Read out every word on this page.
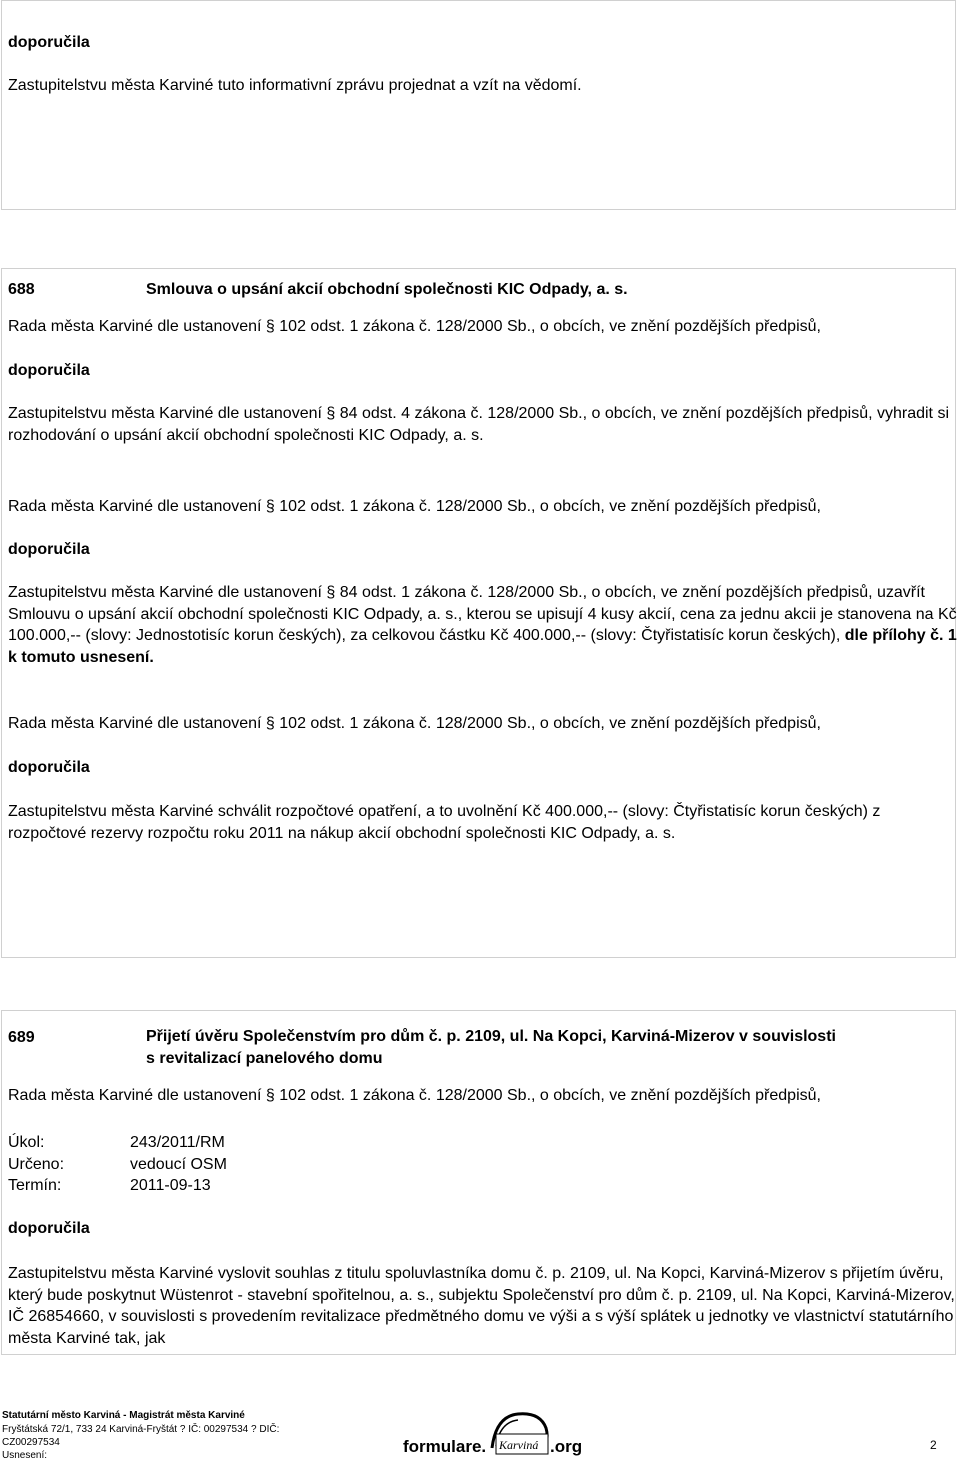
doporučila
Zastupitelstvu města Karviné tuto informativní zprávu projednat a vzít na vědomí.
688	Smlouva o upsání akcií obchodní společnosti KIC Odpady, a. s.
Rada města Karviné dle ustanovení § 102 odst. 1 zákona č. 128/2000 Sb., o obcích, ve znění pozdějších předpisů,
doporučila
Zastupitelstvu města Karviné dle ustanovení § 84 odst. 4 zákona č. 128/2000 Sb., o obcích, ve znění pozdějších předpisů, vyhradit si rozhodování o upsání akcií obchodní společnosti KIC Odpady, a. s.
Rada města Karviné dle ustanovení § 102 odst. 1 zákona č. 128/2000 Sb., o obcích, ve znění pozdějších předpisů,
doporučila
Zastupitelstvu města Karviné dle ustanovení § 84 odst. 1 zákona č. 128/2000 Sb., o obcích, ve znění pozdějších předpisů, uzavřít Smlouvu o upsání akcií obchodní společnosti KIC Odpady, a. s., kterou se upisují 4 kusy akcií, cena za jednu akcii je stanovena na Kč 100.000,-- (slovy: Jednostotisíc korun českých), za celkovou částku Kč 400.000,-- (slovy: Čtyřistatisíc korun českých), dle přílohy č. 1 k tomuto usnesení.
Rada města Karviné dle ustanovení § 102 odst. 1 zákona č. 128/2000 Sb., o obcích, ve znění pozdějších předpisů,
doporučila
Zastupitelstvu města Karviné schválit rozpočtové opatření, a to uvolnění Kč 400.000,-- (slovy: Čtyřistatisíc korun českých) z rozpočtové rezervy rozpočtu roku 2011 na nákup akcií obchodní společnosti KIC Odpady, a. s.
689	Přijetí úvěru Společenstvím pro dům č. p. 2109, ul. Na Kopci, Karviná-Mizerov v souvislosti
s revitalizací panelového domu
Rada města Karviné dle ustanovení § 102 odst. 1 zákona č. 128/2000 Sb., o obcích, ve znění pozdějších předpisů,
Úkol:	243/2011/RM
Určeno:	vedoucí OSM
Termín:	2011-09-13
doporučila
Zastupitelstvu města Karviné vyslovit souhlas z titulu spoluvlastníka domu č. p. 2109, ul. Na Kopci, Karviná-Mizerov s přijetím úvěru, který bude poskytnut Wüstenrot - stavební spořitelnou, a. s., subjektu Společenství pro dům č. p. 2109, ul. Na Kopci, Karviná-Mizerov, IČ 26854660, v souvislosti s provedením revitalizace předmětného domu ve výši a s výší splátek u jednotky ve vlastnictví statutárního města Karviné tak, jak
Statutární město Karviná - Magistrát města Karviné
Fryštátská 72/1, 733 24 Karviná-Fryštát ? IČ: 00297534 ? DIČ:
CZ00297534
Usnesení:	formulare. Karviná .org	2
